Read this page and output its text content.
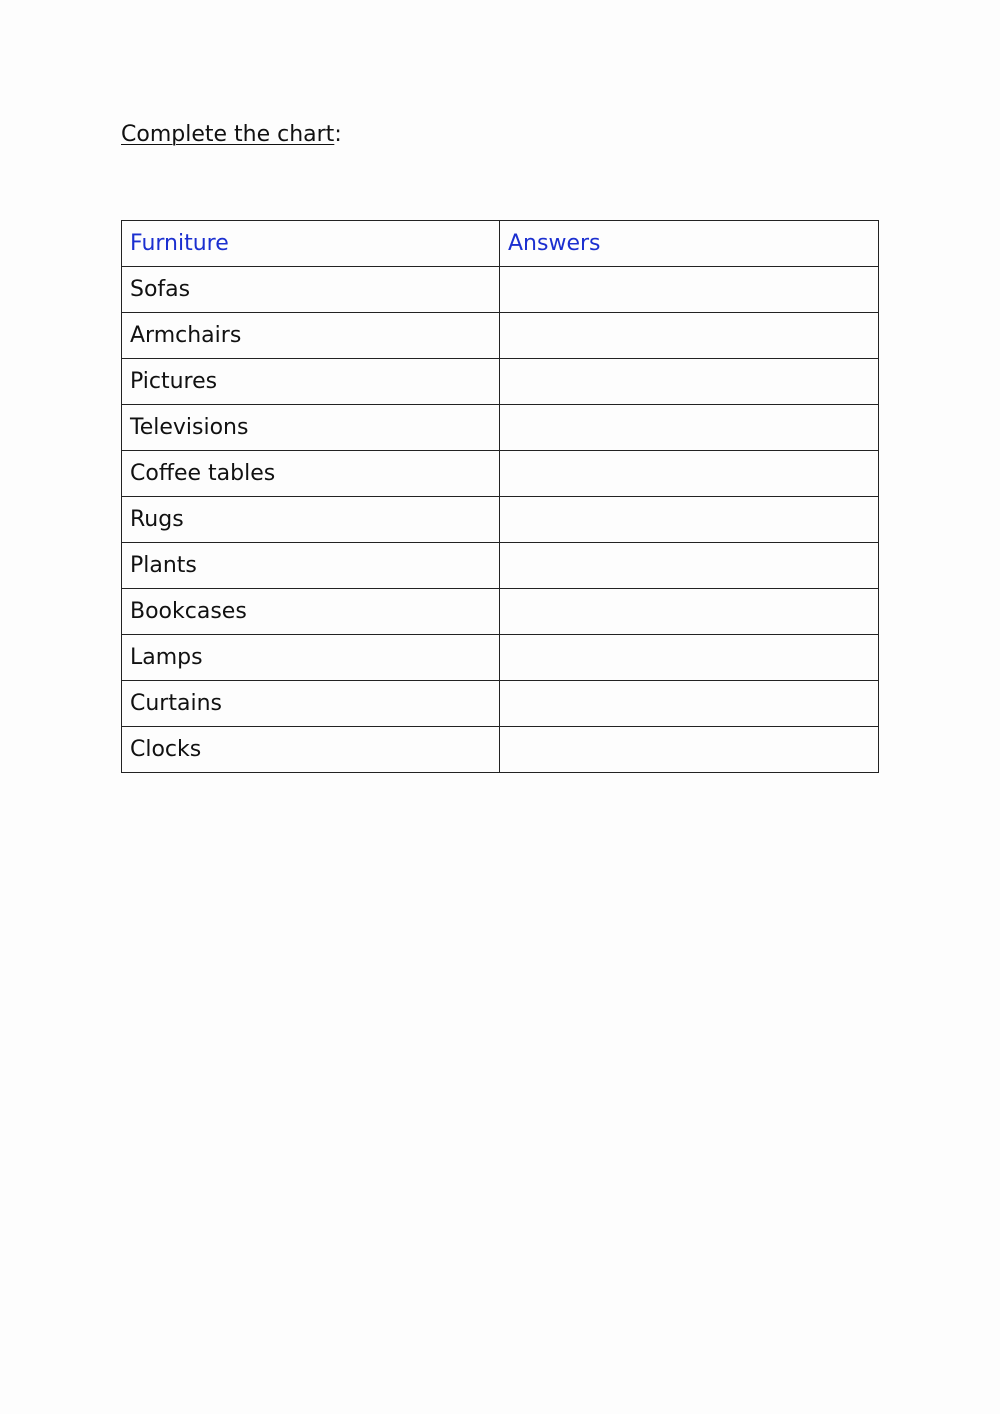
Complete the chart:

Furniture	Answers
Sofas	
Armchairs	
Pictures	
Televisions	
Coffee tables	
Rugs	
Plants	
Bookcases	
Lamps	
Curtains	
Clocks	
